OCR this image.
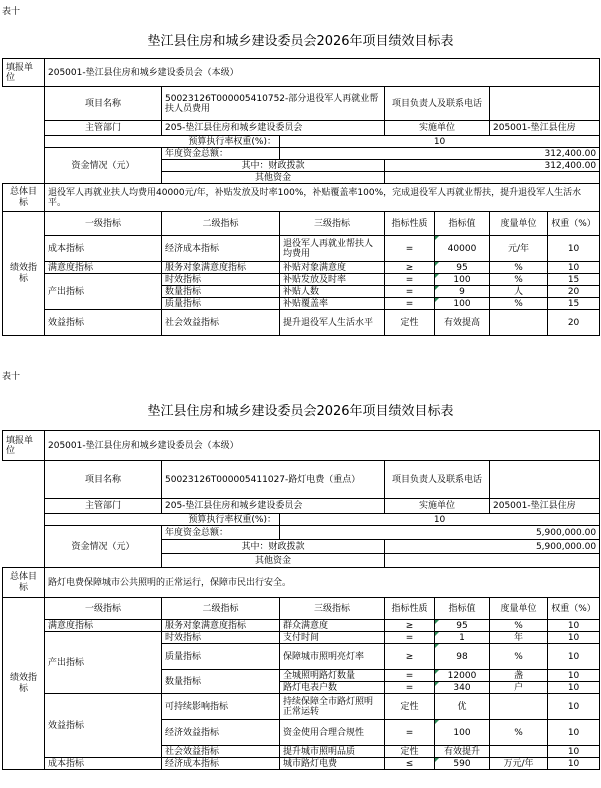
表十
垫江县住房和城乡建设委员会2026年项目绩效目标表
填报单位	205001-垫江县住房和城乡建设委员会（本级）						
	项目名称	50023126T000005410752-部分退役军人再就业帮扶人员费用		项目负责人及联系电话			
	主管部门	205-垫江县住房和城乡建设委员会		实施单位		205001-垫江县住房	
	预算执行率权重(%)：		10				
	资金情况（元）	年度资金总额：	312,400.00				
		其中：财政拨款		312,400.00			
		其他资金					
总体目标	退役军人再就业扶人均费用40000元/年，补贴发放及时率100%，补贴覆盖率100%，完成退役军人再就业帮扶，提升退役军人生活水平。						
绩效指标	一级指标	二级指标	三级指标	指标性质	指标值	度量单位	权重（%）
	成本指标	经济成本指标	退役军人再就业帮扶人均费用	=	40000	元/年	10
	满意度指标	服务对象满意度指标	补贴对象满意度	≥	95	%	10
	产出指标	时效指标	补贴发放及时率	=	100	%	15
		数量指标	补贴人数	=	9	人	20
		质量指标	补贴覆盖率	=	100	%	15
	效益指标	社会效益指标	提升退役军人生活水平	定性	有效提高		20
表十
垫江县住房和城乡建设委员会2026年项目绩效目标表
填报单位	205001-垫江县住房和城乡建设委员会（本级）						
	项目名称	50023126T000005411027-路灯电费（重点）		项目负责人及联系电话			
	主管部门	205-垫江县住房和城乡建设委员会		实施单位		205001-垫江县住房	
	预算执行率权重(%)：		10				
	资金情况（元）	年度资金总额：	5,900,000.00				
		其中：财政拨款		5,900,000.00			
		其他资金					
总体目标	路灯电费保障城市公共照明的正常运行，保障市民出行安全。						
绩效指标	一级指标	二级指标	三级指标	指标性质	指标值	度量单位	权重（%）
	满意度指标	服务对象满意度指标	群众满意度	≥	95	%	10
	产出指标	时效指标	支付时间	=	1	年	10
		质量指标	保障城市照明亮灯率	≥	98	%	10
		数量指标	全城照明路灯数量	=	12000	盏	10
			路灯电表户数	=	340	户	10
	效益指标	可持续影响指标	持续保障全市路灯照明正常运转	定性	优		10
		经济效益指标	资金使用合理合规性	=	100	%	10
		社会效益指标	提升城市照明品质	定性	有效提升		10
	成本指标	经济成本指标	城市路灯电费	≤	590	万元/年	10
